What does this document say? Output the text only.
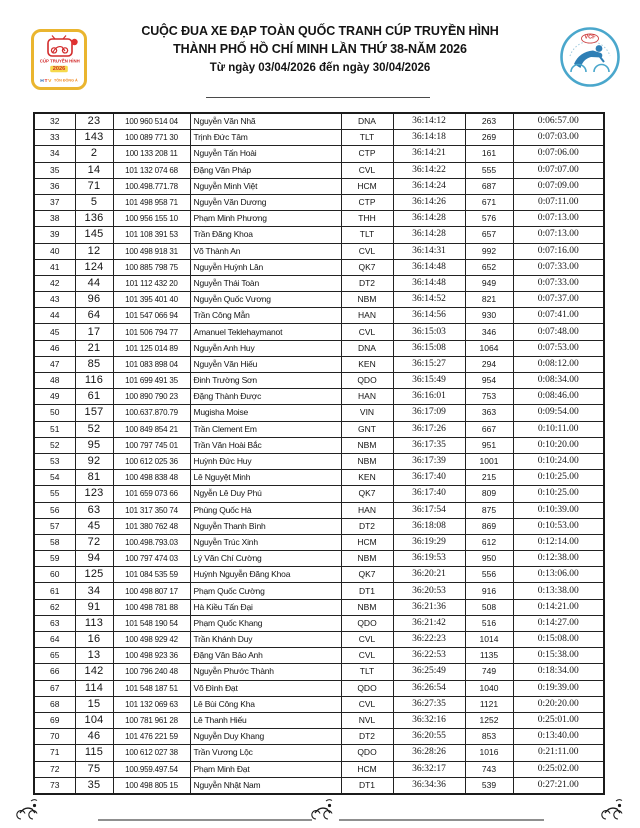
CUỘC ĐUA XE ĐẠP TOÀN QUỐC TRANH CÚP TRUYỀN HÌNH
THÀNH PHỐ HỒ CHÍ MINH LẦN THỨ 38-NĂM 2026
Từ ngày 03/04/2026 đến ngày 30/04/2026
CÚP TRUYỀN HÌNH
2026
H T V TÔN ĐÔNG Á
VCF
32	23	100 960 514 04	Nguyễn Văn Nhã	DNA	36:14:12	263	0:06:57.00
33	143	100 089 771 30	Trịnh Đức Tâm	TLT	36:14:18	269	0:07:03.00
34	2	100 133 208 11	Nguyễn Tấn Hoài	CTP	36:14:21	161	0:07:06.00
35	14	101 132 074 68	Đặng Văn Pháp	CVL	36:14:22	555	0:07:07.00
36	71	100.498.771.78	Nguyễn Minh Việt	HCM	36:14:24	687	0:07:09.00
37	5	101 498 958 71	Nguyễn Văn Dương	CTP	36:14:26	671	0:07:11.00
38	136	100 956 155 10	Phạm Minh Phương	THH	36:14:28	576	0:07:13.00
39	145	101 108 391 53	Trần Đăng Khoa	TLT	36:14:28	657	0:07:13.00
40	12	100 498 918 31	Võ Thành An	CVL	36:14:31	992	0:07:16.00
41	124	100 885 798 75	Nguyễn Huỳnh Lân	QK7	36:14:48	652	0:07:33.00
42	44	101 112 432 20	Nguyễn Thái Toàn	DT2	36:14:48	949	0:07:33.00
43	96	101 395 401 40	Nguyễn Quốc Vương	NBM	36:14:52	821	0:07:37.00
44	64	101 547 066 94	Trần Công Mẫn	HAN	36:14:56	930	0:07:41.00
45	17	101 506 794 77	Amanuel Teklehaymanot	CVL	36:15:03	346	0:07:48.00
46	21	101 125 014 89	Nguyễn Anh Huy	DNA	36:15:08	1064	0:07:53.00
47	85	101 083 898 04	Nguyễn Văn Hiếu	KEN	36:15:27	294	0:08:12.00
48	116	101 699 491 35	Đinh Trường Sơn	QDO	36:15:49	954	0:08:34.00
49	61	100 890 790 23	Đặng Thành Được	HAN	36:16:01	753	0:08:46.00
50	157	100.637.870.79	Mugisha Moise	VIN	36:17:09	363	0:09:54.00
51	52	100 849 854 21	Trần Clement Em	GNT	36:17:26	667	0:10:11.00
52	95	100 797 745 01	Trần Văn Hoài Bắc	NBM	36:17:35	951	0:10:20.00
53	92	100 612 025 36	Huỳnh Đức Huy	NBM	36:17:39	1001	0:10:24.00
54	81	100 498 838 48	Lê Nguyệt Minh	KEN	36:17:40	215	0:10:25.00
55	123	101 659 073 66	Ngyễn Lê Duy Phú	QK7	36:17:40	809	0:10:25.00
56	63	101 317 350 74	Phùng Quốc Hà	HAN	36:17:54	875	0:10:39.00
57	45	101 380 762 48	Nguyễn Thanh Bình	DT2	36:18:08	869	0:10:53.00
58	72	100.498.793.03	Nguyễn Trúc Xinh	HCM	36:19:29	612	0:12:14.00
59	94	100 797 474 03	Lý Văn Chí Cường	NBM	36:19:53	950	0:12:38.00
60	125	101 084 535 59	Huỳnh Nguyễn Đăng Khoa	QK7	36:20:21	556	0:13:06.00
61	34	100 498 807 17	Phạm Quốc Cường	DT1	36:20:53	916	0:13:38.00
62	91	100 498 781 88	Hà Kiều Tấn Đại	NBM	36:21:36	508	0:14:21.00
63	113	101 548 190 54	Phạm Quốc Khang	QDO	36:21:42	516	0:14:27.00
64	16	100 498 929 42	Trần Khánh Duy	CVL	36:22:23	1014	0:15:08.00
65	13	100 498 923 36	Đặng Văn Bảo Anh	CVL	36:22:53	1135	0:15:38.00
66	142	100 796 240 48	Nguyễn Phước Thành	TLT	36:25:49	749	0:18:34.00
67	114	101 548 187 51	Võ Đình Đạt	QDO	36:26:54	1040	0:19:39.00
68	15	101 132 069 63	Lê Bùi Công Kha	CVL	36:27:35	1121	0:20:20.00
69	104	100 781 961 28	Lê Thanh Hiếu	NVL	36:32:16	1252	0:25:01.00
70	46	101 476 221 59	Nguyễn Duy Khang	DT2	36:20:55	853	0:13:40.00
71	115	100 612 027 38	Trần Vương Lộc	QDO	36:28:26	1016	0:21:11.00
72	75	100.959.497.54	Phạm Minh Đạt	HCM	36:32:17	743	0:25:02.00
73	35	100 498 805 15	Nguyễn Nhật Nam	DT1	36:34:36	539	0:27:21.00
